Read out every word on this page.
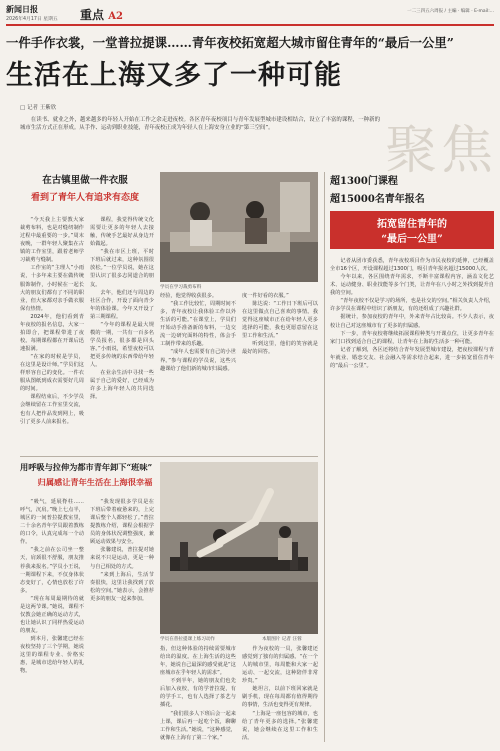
新闻日报
2026年4月17日 星期五 重点 A2	一二三四五六周报 / 主編 · 编辑 · E-mail:...
一件手作衣裳，一堂普拉提课……青年夜校拓宽超大城市留住青年的“最后一公里”
生活在上海又多了一种可能
□ 记者 王紫欣
聚焦
在读书、就业之外，越来越多的年轻人开始在工作之余走进夜校。各区青年夜校项目与青年发展型城市建设相结合，设立了丰富的课程，一种新的城市生活方式正在形成。从手作、运动到职业技能，青年夜校正成为年轻人在上海安身立业的“第三空间”。
在古镇里做一件衣服
看到了青年人有追求有态度

“今天我上主要教大家裁剪布料，也是对缝纫制作过程中最重要的一步。”周末夜晚，一群年轻人聚集在古镇的工作室里，跟着老师学习裁剪与缝制。

工作室的“主理人”小雨说，十多年来主要在做传统服饰制作，小时候在一起长大的朋友们都有了不同的职业，但大家都对亲手做衣服保有热情。

2024年，他们看到青年夜校的报名信息，大家一拍即合，把课程带进了夜校。每期课程都在开课后迅速报满。

“在家的时候是学员，在这里是设计师。”学员们这样形容自己的变化。一件衣服从图纸到成衣需要好几周的时间。

课程结束后，不少学员会继续留在工作室里交流，也有人把作品发到网上，吸引了更多人前来报名。

课程，我觉得传统文化需要让更多的年轻人去接触，传统手艺最好从身边开始做起。

“我在市区上班，平时下班后就过来，这种氛围很放松。”一位学员说，她在这里认识了很多志同道合的朋友。

去年，他们还与周边的社区合作，开设了面向青少年的体验课。今年又开设了第三期课程。

“今年的课程是最大规模的一期，一共有一百多名学员报名，很多都是回头客。”小雨说，希望夜校可以把更多传统的东西带给年轻人。

在业余生活中寻找一些属于自己的爱好，已经成为许多上海年轻人的共同选择。

学员在学习裁剪布料

经验，他觉得收获很多。

“我工作比较忙，周期时间不多，青年夜校让我体验工作以外生活的可能。”在课堂上，学员们开始动手准备新的布料，一边交流一边研究面料的特性，体会手工制作带来的乐趣。

“成年人也需要有自己的小世界。”参与课程的学员说，这些兴趣课给了他们新的城市归属感。

度一件好看的衣服。”

陈达说：“工作日下班后可以在这里做点自己喜欢的事情。我觉得这座城市正在给年轻人更多选择的可能，我也更愿意留在这里工作和生活。”

听到这里，他们的笑容就是最好的回答。

超1300门课程
超15000名青年报名
拓宽留住青年的
“最后一公里”

记者从团市委获悉，青年夜校项目作为市民夜校的延伸，已经覆盖全市16个区，开设课程超过1300门，吸引青年报名超过15000人次。

今年以来，各区围绕青年需求，不断丰富课程内容，涵盖文化艺术、运动健身、职业技能等多个门类，让青年在八小时之外找到提升自我的空间。

“青年夜校不仅是学习的场所，也是社交的空间。”相关负责人介绍，许多学员在课程中结识了新朋友，有的还组成了兴趣社群。

据统计，参加夜校的青年中，外来青年占比较高。不少人表示，夜校让自己对这座城市有了更多的归属感。

下一步，青年夜校将继续拓展课程种类与开课点位，让更多青年在家门口找到适合自己的课程，让青年在上海的生活多一种可能。

记者了解到，各区还将结合青年发展型城市建设，把夜校课程与青年就业、婚恋交友、社会融入等需求结合起来，进一步拓宽留住青年的“最后一公里”。

用呼吸与拉伸为都市青年卸下“班味”
归属感让青年生活在上海很幸福

“吸气，延展脊柱……呼气，沉肩。”晚上七点半，城区的一间普拉提教室里，二十余名青年学员跟着教练的口令，认真完成每一个动作。

“我之前在公司坐一整天，肩颈很不舒服，朋友推荐我来报名。”学员小王说，一期课程下来，不仅身体状态变好了，心情也放松了许多。

“现在每周最期待的就是这两节课。”她说，课程不仅教会她正确的运动方式，也让她认识了同样热爱运动的朋友。

到本月，张馨建已经在夜校坚持了三个学期，她说这里的课程专业、价格实惠，是城市送给年轻人的礼物。

“我发现很多学员是在下班后带着疲惫来的，上完课后整个人都轻松了。”普拉提教练介绍，课程会根据学员的身体状况调整强度，兼顾运动效果与安全。

张馨建说，普拉提对她来说不只是运动，更是一种与自己相处的方式。

“来到上海后，生活节奏很快，这里让我找到了放松的空间。”她表示，会推荐更多的朋友一起来参加。

学员在普拉提课上练习动作	本版图片 记者 汪蓉

指，但这种体验的持续需要城市给出的温度。在上海生活的这些年，她说自己最深的感受就是“这座城市在乎年轻人的需求”。

不到半年，她的朋友们也先后加入夜校，有的学普拉提，有的学手工，也有人选择了茶艺与插花。

“我们很多人下班后会一起来上课，课后再一起吃个饭，聊聊工作和生活。”她说，“这种感觉，就像在上海有了第二个家。”

作为夜校的一员，张馨建还感觉到了独有的归属感。“在一个人的城市里，每周能和大家一起运动、一起交流，这种陪伴非常珍贵。”

她坦言，以前下班回家就是刷手机，现在每周都有值得期待的事情，生活也变得更有规律。

“上海是一座包容的城市，也给了青年更多的选择。”张馨建说，她会继续在这里工作和生活。
